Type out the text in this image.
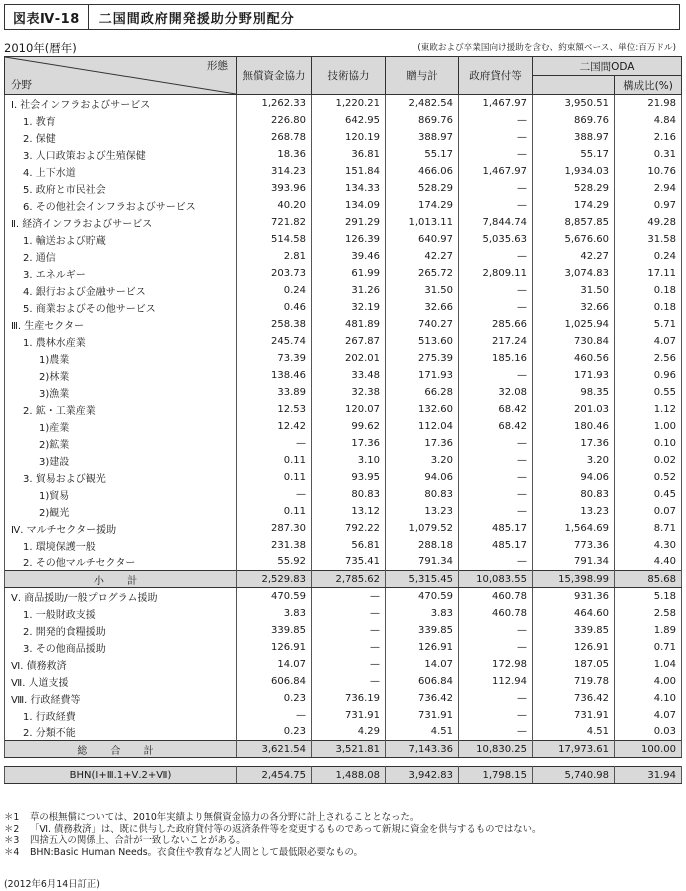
図表Ⅳ-18	二国間政府開発援助分野別配分
2010年(暦年)	(東欧および卒業国向け援助を含む、約束額ベース、単位:百万ドル)
形態
分野	無償資金協力	技術協力	贈与計	政府貸付等	二国間ODA	
						構成比(%)
Ⅰ. 社会インフラおよびサービス	1,262.33	1,220.21	2,482.54	1,467.97	3,950.51	21.98
1. 教育	226.80	642.95	869.76	—	869.76	4.84
2. 保健	268.78	120.19	388.97	—	388.97	2.16
3. 人口政策および生殖保健	18.36	36.81	55.17	—	55.17	0.31
4. 上下水道	314.23	151.84	466.06	1,467.97	1,934.03	10.76
5. 政府と市民社会	393.96	134.33	528.29	—	528.29	2.94
6. その他社会インフラおよびサービス	40.20	134.09	174.29	—	174.29	0.97
Ⅱ. 経済インフラおよびサービス	721.82	291.29	1,013.11	7,844.74	8,857.85	49.28
1. 輸送および貯蔵	514.58	126.39	640.97	5,035.63	5,676.60	31.58
2. 通信	2.81	39.46	42.27	—	42.27	0.24
3. エネルギー	203.73	61.99	265.72	2,809.11	3,074.83	17.11
4. 銀行および金融サービス	0.24	31.26	31.50	—	31.50	0.18
5. 商業およびその他サービス	0.46	32.19	32.66	—	32.66	0.18
Ⅲ. 生産セクター	258.38	481.89	740.27	285.66	1,025.94	5.71
1. 農林水産業	245.74	267.87	513.60	217.24	730.84	4.07
1)農業	73.39	202.01	275.39	185.16	460.56	2.56
2)林業	138.46	33.48	171.93	—	171.93	0.96
3)漁業	33.89	32.38	66.28	32.08	98.35	0.55
2. 鉱・工業産業	12.53	120.07	132.60	68.42	201.03	1.12
1)産業	12.42	99.62	112.04	68.42	180.46	1.00
2)鉱業	—	17.36	17.36	—	17.36	0.10
3)建設	0.11	3.10	3.20	—	3.20	0.02
3. 貿易および観光	0.11	93.95	94.06	—	94.06	0.52
1)貿易	—	80.83	80.83	—	80.83	0.45
2)観光	0.11	13.12	13.23	—	13.23	0.07
Ⅳ. マルチセクター援助	287.30	792.22	1,079.52	485.17	1,564.69	8.71
1. 環境保護一般	231.38	56.81	288.18	485.17	773.36	4.30
2. その他マルチセクター	55.92	735.41	791.34	—	791.34	4.40
小 計	2,529.83	2,785.62	5,315.45	10,083.55	15,398.99	85.68
Ⅴ. 商品援助/一般プログラム援助	470.59	—	470.59	460.78	931.36	5.18
1. 一般財政支援	3.83	—	3.83	460.78	464.60	2.58
2. 開発的食糧援助	339.85	—	339.85	—	339.85	1.89
3. その他商品援助	126.91	—	126.91	—	126.91	0.71
Ⅵ. 債務救済	14.07	—	14.07	172.98	187.05	1.04
Ⅶ. 人道支援	606.84	—	606.84	112.94	719.78	4.00
Ⅷ. 行政経費等	0.23	736.19	736.42	—	736.42	4.10
1. 行政経費	—	731.91	731.91	—	731.91	4.07
2. 分類不能	0.23	4.29	4.51	—	4.51	0.03
総 合 計	3,621.54	3,521.81	7,143.36	10,830.25	17,973.61	100.00

BHN(Ⅰ+Ⅲ.1+Ⅴ.2+Ⅶ)	2,454.75	1,488.08	3,942.83	1,798.15	5,740.98	31.94
＊1	草の根無償については、2010年実績より無償資金協力の各分野に計上されることとなった。
＊2	「Ⅵ. 債務救済」は、既に供与した政府貸付等の返済条件等を変更するものであって新規に資金を供与するものではない。
＊3	四捨五入の関係上、合計が一致しないことがある。
＊4	BHN:Basic Human Needs。衣食住や教育など人間として最低限必要なもの。
(2012年6月14日訂正)
